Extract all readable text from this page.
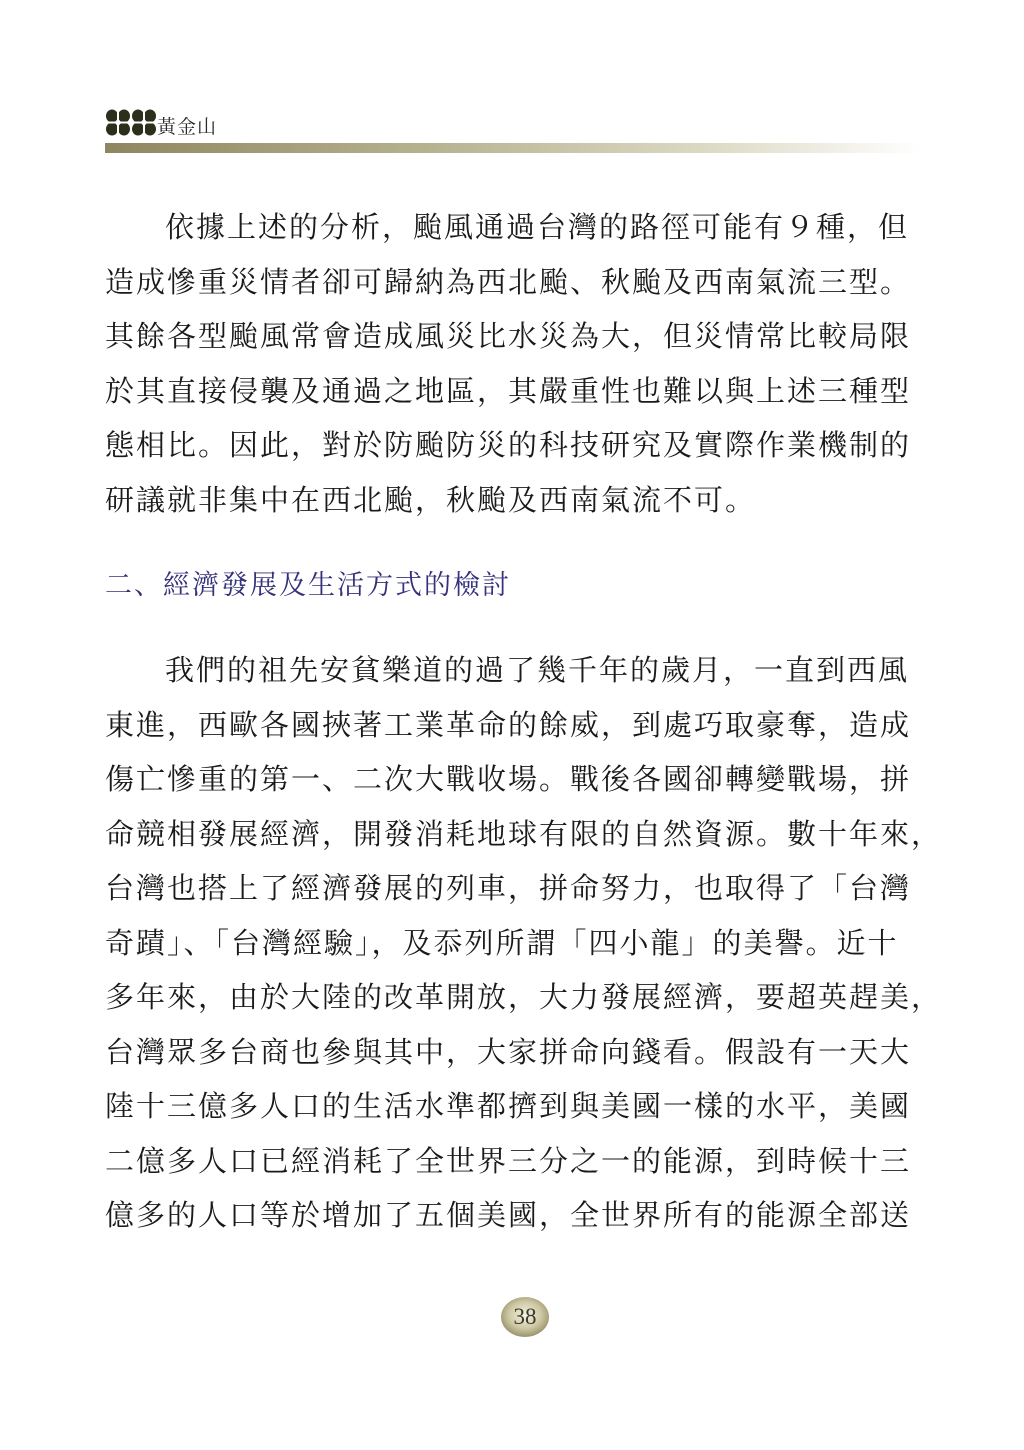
黃金山

依據上述的分析，颱風通過台灣的路徑可能有９種，但
造成慘重災情者卻可歸納為西北颱、秋颱及西南氣流三型。
其餘各型颱風常會造成風災比水災為大，但災情常比較局限
於其直接侵襲及通過之地區，其嚴重性也難以與上述三種型
態相比。因此，對於防颱防災的科技研究及實際作業機制的
研議就非集中在西北颱，秋颱及西南氣流不可。

二、經濟發展及生活方式的檢討

我們的祖先安貧樂道的過了幾千年的歲月，一直到西風
東進，西歐各國挾著工業革命的餘威，到處巧取豪奪，造成
傷亡慘重的第一、二次大戰收場。戰後各國卻轉變戰場，拼
命競相發展經濟，開發消耗地球有限的自然資源。數十年來，
台灣也搭上了經濟發展的列車，拼命努力，也取得了「台灣
奇蹟」、「台灣經驗」，及忝列所謂「四小龍」的美譽。近十
多年來，由於大陸的改革開放，大力發展經濟，要超英趕美，
台灣眾多台商也參與其中，大家拼命向錢看。假設有一天大
陸十三億多人口的生活水準都擠到與美國一樣的水平，美國
二億多人口已經消耗了全世界三分之一的能源，到時候十三
億多的人口等於增加了五個美國，全世界所有的能源全部送

38
